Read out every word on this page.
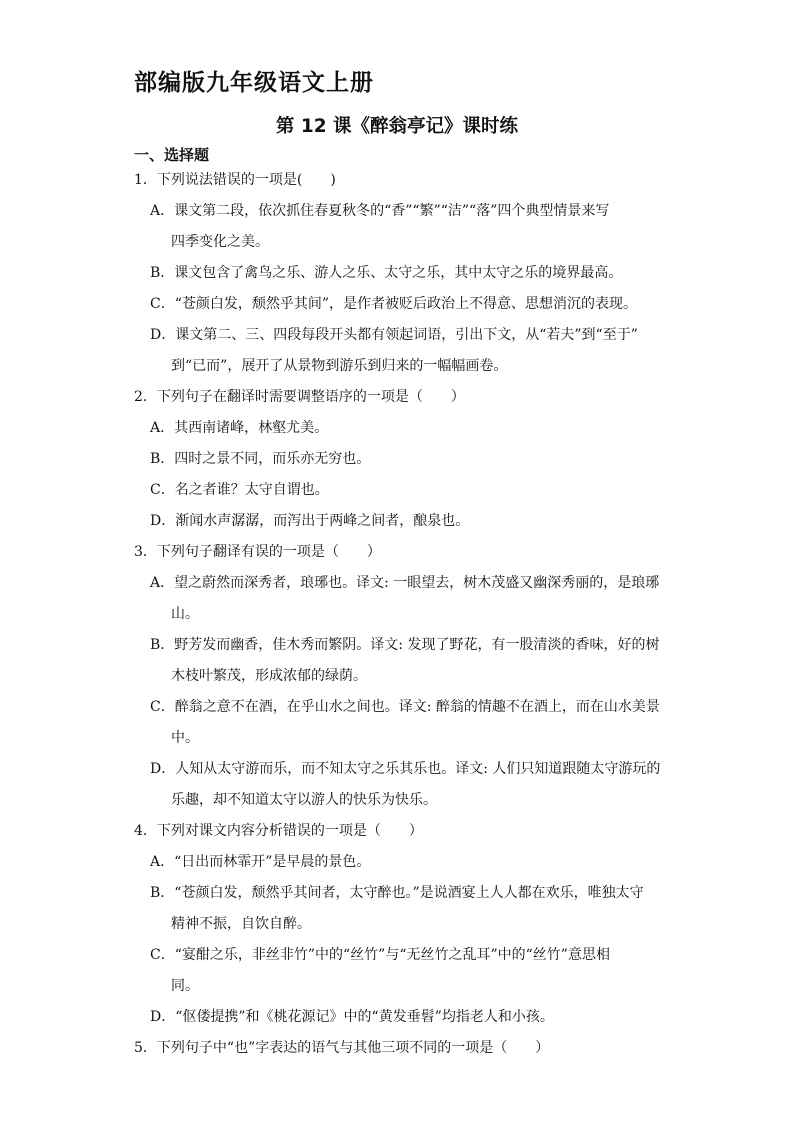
部编版九年级语文上册
第 12 课《醉翁亭记》课时练
一、选择题
1．下列说法错误的一项是(　　)
A．课文第二段，依次抓住春夏秋冬的“香”“繁”“洁”“落”四个典型情景来写
四季变化之美。
B．课文包含了禽鸟之乐、游人之乐、太守之乐，其中太守之乐的境界最高。
C．“苍颜白发，颓然乎其间”，是作者被贬后政治上不得意、思想消沉的表现。
D．课文第二、三、四段每段开头都有领起词语，引出下文，从“若夫”到“至于”
到“已而”，展开了从景物到游乐到归来的一幅幅画卷。
2．下列句子在翻译时需要调整语序的一项是（　　）
A．其西南诸峰，林壑尤美。
B．四时之景不同，而乐亦无穷也。
C．名之者谁？太守自谓也。
D．渐闻水声潺潺，而泻出于两峰之间者，酿泉也。
3．下列句子翻译有误的一项是（　　）
A．望之蔚然而深秀者，琅琊也。译文: 一眼望去，树木茂盛又幽深秀丽的，是琅琊
山。
B．野芳发而幽香，佳木秀而繁阴。译文: 发现了野花，有一股清淡的香味，好的树
木枝叶繁茂，形成浓郁的绿荫。
C．醉翁之意不在酒，在乎山水之间也。译文: 醉翁的情趣不在酒上，而在山水美景
中。
D．人知从太守游而乐，而不知太守之乐其乐也。译文: 人们只知道跟随太守游玩的
乐趣，却不知道太守以游人的快乐为快乐。
4．下列对课文内容分析错误的一项是（　　）
A．“日出而林霏开”是早晨的景色。
B．“苍颜白发，颓然乎其间者，太守醉也。”是说酒宴上人人都在欢乐，唯独太守
精神不振，自饮自醉。
C．“宴酣之乐，非丝非竹”中的“丝竹”与“无丝竹之乱耳”中的“丝竹”意思相
同。
D．“伛偻提携”和《桃花源记》中的“黄发垂髫”均指老人和小孩。
5．下列句子中“也”字表达的语气与其他三项不同的一项是（　　）
